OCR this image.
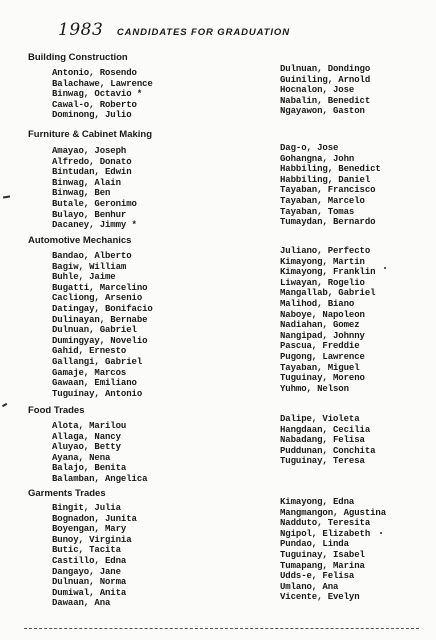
1983 CANDIDATES FOR GRADUATION
Building Construction
Antonio, Rosendo
Balachawe, Lawrence
Binwag, Octavio *
Cawal-o, Roberto
Dominong, Julio
Dulnuan, Dondingo
Guiniling, Arnold
Hocnalon, Jose
Nabalin, Benedict
Ngayawon, Gaston
Furniture & Cabinet Making
Amayao, Joseph
Alfredo, Donato
Bintudan, Edwin
Binwag, Alain
Binwag, Ben
Butale, Geronimo
Bulayo, Benhur
Dacaney, Jimmy *
Dag-o, Jose
Gohangna, John
Habbiling, Benedict
Habbiling, Daniel
Tayaban, Francisco
Tayaban, Marcelo
Tayaban, Tomas
Tumaydan, Bernardo
Automotive Mechanics
Bandao, Alberto
Bagiw, William
Buhle, Jaime
Bugatti, Marcelino
Cacliong, Arsenio
Datingay, Bonifacio
Dulinayan, Bernabe
Dulnuan, Gabriel
Dumingyay, Novelio
Gahid, Ernesto
Gallangi, Gabriel
Gamaje, Marcos
Gawaan, Emiliano
Tuguinay, Antonio
Juliano, Perfecto
Kimayong, Martin
Kimayong, Franklin
Liwayan, Rogelio
Mangallab, Gabriel
Malihod, Biano
Naboye, Napoleon
Nadiahan, Gomez
Nangipad, Johnny
Pascua, Freddie
Pugong, Lawrence
Tayaban, Miguel
Tuguinay, Moreno
Yuhmo, Nelson
Food Trades
Alota, Marilou
Allaga, Nancy
Aluyao, Betty
Ayana, Nena
Balajo, Benita
Balamban, Angelica
Dalipe, Violeta
Hangdaan, Cecilia
Nabadang, Felisa
Puddunan, Conchita
Tuguinay, Teresa
Garments Trades
Bingit, Julia
Bognadon, Junita
Boyengan, Mary
Bunoy, Virginia
Butic, Tacita
Castillo, Edna
Dangayo, Jane
Dulnuan, Norma
Dumiwal, Anita
Dawaan, Ana
Kimayong, Edna
Mangmangon, Agustina
Nadduto, Teresita
Ngipol, Elizabeth
Pundao, Linda
Tuguinay, Isabel
Tumapang, Marina
Udds-e, Felisa
Umlano, Ana
Vicente, Evelyn
